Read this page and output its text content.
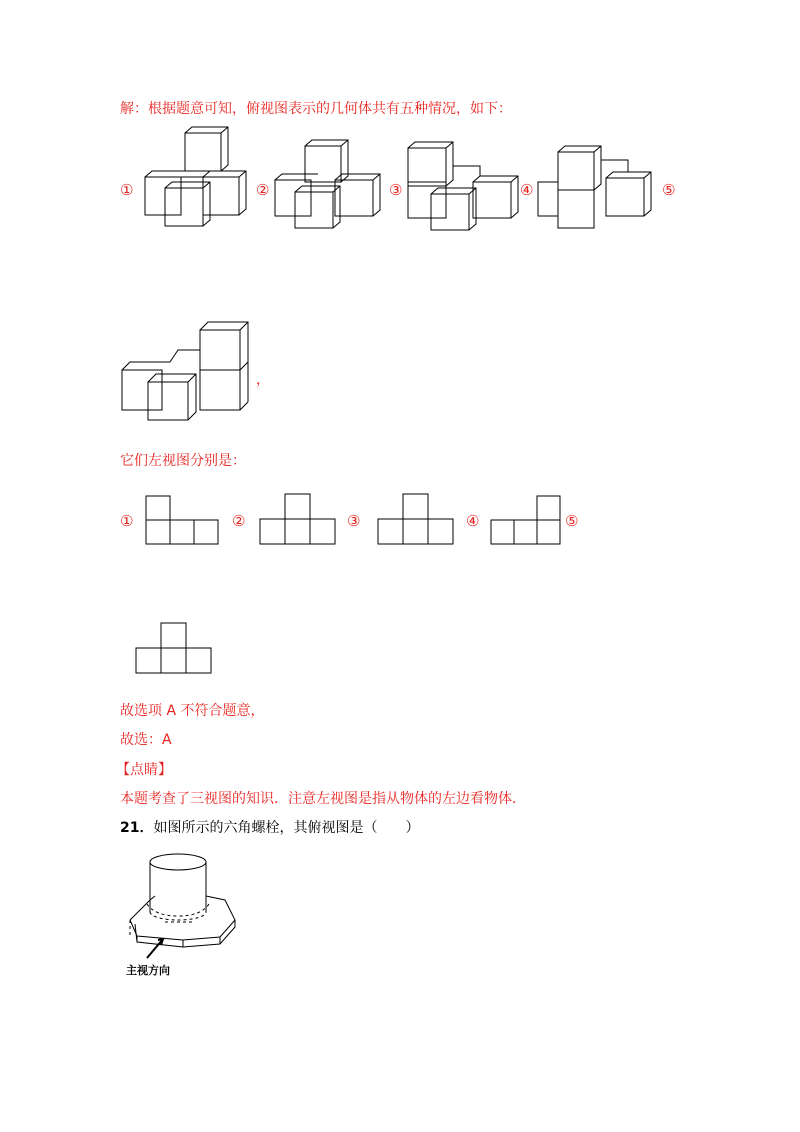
解：根据题意可知，俯视图表示的几何体共有五种情况，如下：
①	②	③	④	⑤
，
它们左视图分别是：
①	②	③	④	⑤
故选项 A 不符合题意，
故选：A
【点睛】
本题考查了三视图的知识．注意左视图是指从物体的左边看物体．
21．如图所示的六角螺栓，其俯视图是（　　）
主视方向
